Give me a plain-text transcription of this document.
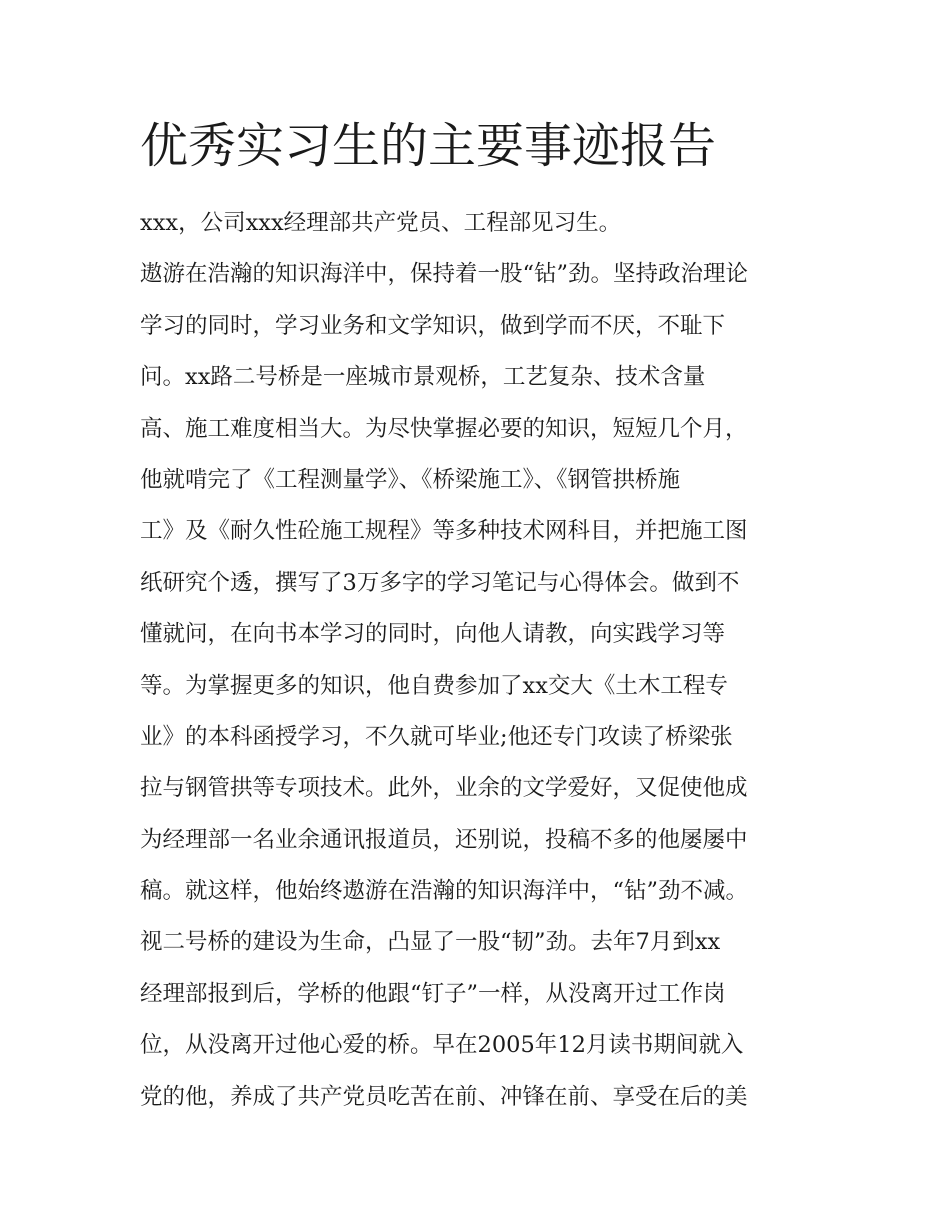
优秀实习生的主要事迹报告
xxx，公司xxx经理部共产党员、工程部见习生。
遨游在浩瀚的知识海洋中，保持着一股“钻”劲。坚持政治理论
学习的同时，学习业务和文学知识，做到学而不厌，不耻下
问。xx路二号桥是一座城市景观桥，工艺复杂、技术含量
高、施工难度相当大。为尽快掌握必要的知识，短短几个月，
他就啃完了《工程测量学》、《桥梁施工》、《钢管拱桥施
工》及《耐久性砼施工规程》等多种技术网科目，并把施工图
纸研究个透，撰写了3万多字的学习笔记与心得体会。做到不
懂就问，在向书本学习的同时，向他人请教，向实践学习等
等。为掌握更多的知识，他自费参加了xx交大《土木工程专
业》的本科函授学习，不久就可毕业;他还专门攻读了桥梁张
拉与钢管拱等专项技术。此外，业余的文学爱好，又促使他成
为经理部一名业余通讯报道员，还别说，投稿不多的他屡屡中
稿。就这样，他始终遨游在浩瀚的知识海洋中，“钻”劲不减。
视二号桥的建设为生命，凸显了一股“韧”劲。去年7月到xx
经理部报到后，学桥的他跟“钉子”一样，从没离开过工作岗
位，从没离开过他心爱的桥。早在2005年12月读书期间就入
党的他，养成了共产党员吃苦在前、冲锋在前、享受在后的美
